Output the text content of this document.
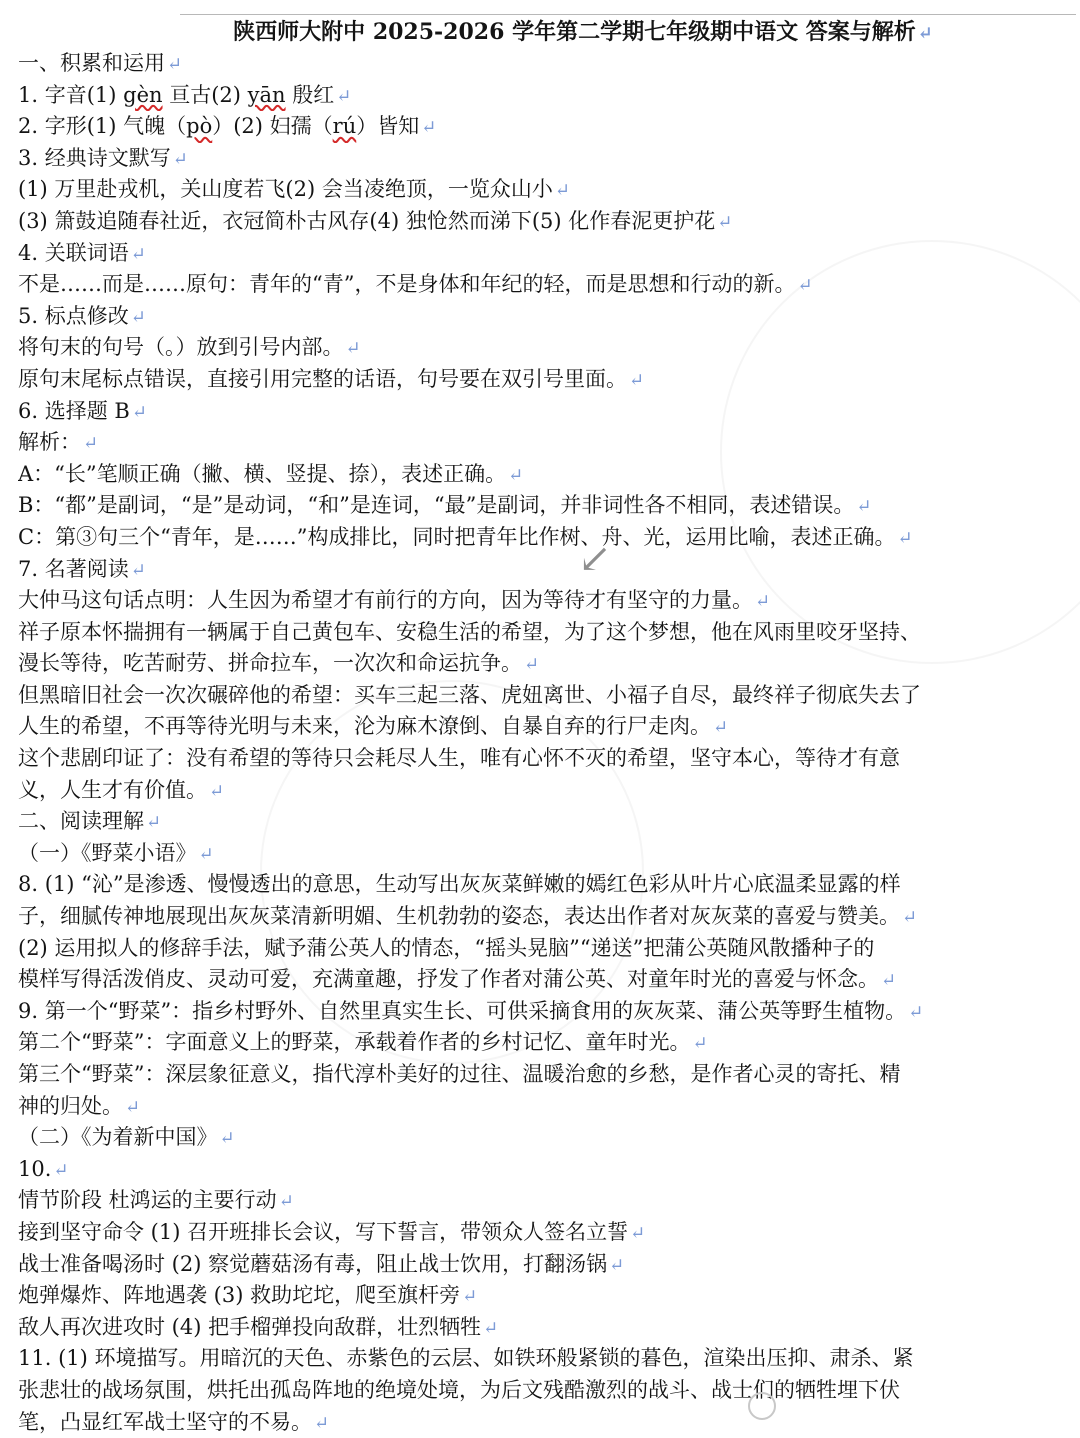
陕西师大附中 2025-2026 学年第二学期七年级期中语文 答案与解析 ↵
一、积累和运用 ↵
1. 字音(1) gèn 亘古(2) yān 殷红 ↵
2. 字形(1) 气魄（pò）(2) 妇孺（rú）皆知 ↵
3. 经典诗文默写 ↵
(1) 万里赴戎机，关山度若飞(2) 会当凌绝顶，一览众山小 ↵
(3) 箫鼓追随春社近，衣冠简朴古风存(4) 独怆然而涕下(5) 化作春泥更护花 ↵
4. 关联词语 ↵
不是……而是……原句：青年的“青”，不是身体和年纪的轻，而是思想和行动的新。 ↵
5. 标点修改 ↵
将句末的句号（。）放到引号内部。 ↵
原句末尾标点错误，直接引用完整的话语，句号要在双引号里面。 ↵
6. 选择题 B ↵
解析： ↵
A：“长”笔顺正确（撇、横、竖提、捺），表述正确。 ↵
B：“都”是副词，“是”是动词，“和”是连词，“最”是副词，并非词性各不相同，表述错误。 ↵
C：第③句三个“青年，是……”构成排比，同时把青年比作树、舟、光，运用比喻，表述正确。 ↵
7. 名著阅读 ↵
大仲马这句话点明：人生因为希望才有前行的方向，因为等待才有坚守的力量。 ↵
祥子原本怀揣拥有一辆属于自己黄包车、安稳生活的希望，为了这个梦想，他在风雨里咬牙坚持、
漫长等待，吃苦耐劳、拼命拉车，一次次和命运抗争。 ↵
但黑暗旧社会一次次碾碎他的希望：买车三起三落、虎妞离世、小福子自尽，最终祥子彻底失去了
人生的希望，不再等待光明与未来，沦为麻木潦倒、自暴自弃的行尸走肉。 ↵
这个悲剧印证了：没有希望的等待只会耗尽人生，唯有心怀不灭的希望，坚守本心，等待才有意
义，人生才有价值。 ↵
二、阅读理解 ↵
（一）《野菜小语》 ↵
8. (1) “沁”是渗透、慢慢透出的意思，生动写出灰灰菜鲜嫩的嫣红色彩从叶片心底温柔显露的样
子，细腻传神地展现出灰灰菜清新明媚、生机勃勃的姿态，表达出作者对灰灰菜的喜爱与赞美。 ↵
(2) 运用拟人的修辞手法，赋予蒲公英人的情态，“摇头晃脑”“递送”把蒲公英随风散播种子的
模样写得活泼俏皮、灵动可爱，充满童趣，抒发了作者对蒲公英、对童年时光的喜爱与怀念。 ↵
9. 第一个“野菜”：指乡村野外、自然里真实生长、可供采摘食用的灰灰菜、蒲公英等野生植物。 ↵
第二个“野菜”：字面意义上的野菜，承载着作者的乡村记忆、童年时光。 ↵
第三个“野菜”：深层象征意义，指代淳朴美好的过往、温暖治愈的乡愁，是作者心灵的寄托、精
神的归处。 ↵
（二）《为着新中国》 ↵
10. ↵
情节阶段 杜鸿运的主要行动 ↵
接到坚守命令 (1) 召开班排长会议，写下誓言，带领众人签名立誓 ↵
战士准备喝汤时 (2) 察觉蘑菇汤有毒，阻止战士饮用，打翻汤锅 ↵
炮弹爆炸、阵地遇袭 (3) 救助坨坨，爬至旗杆旁 ↵
敌人再次进攻时 (4) 把手榴弹投向敌群，壮烈牺牲 ↵
11. (1) 环境描写。用暗沉的天色、赤紫色的云层、如铁环般紧锁的暮色，渲染出压抑、肃杀、紧
张悲壮的战场氛围，烘托出孤岛阵地的绝境处境，为后文残酷激烈的战斗、战士们的牺牲埋下伏
笔，凸显红军战士坚守的不易。 ↵
↙
